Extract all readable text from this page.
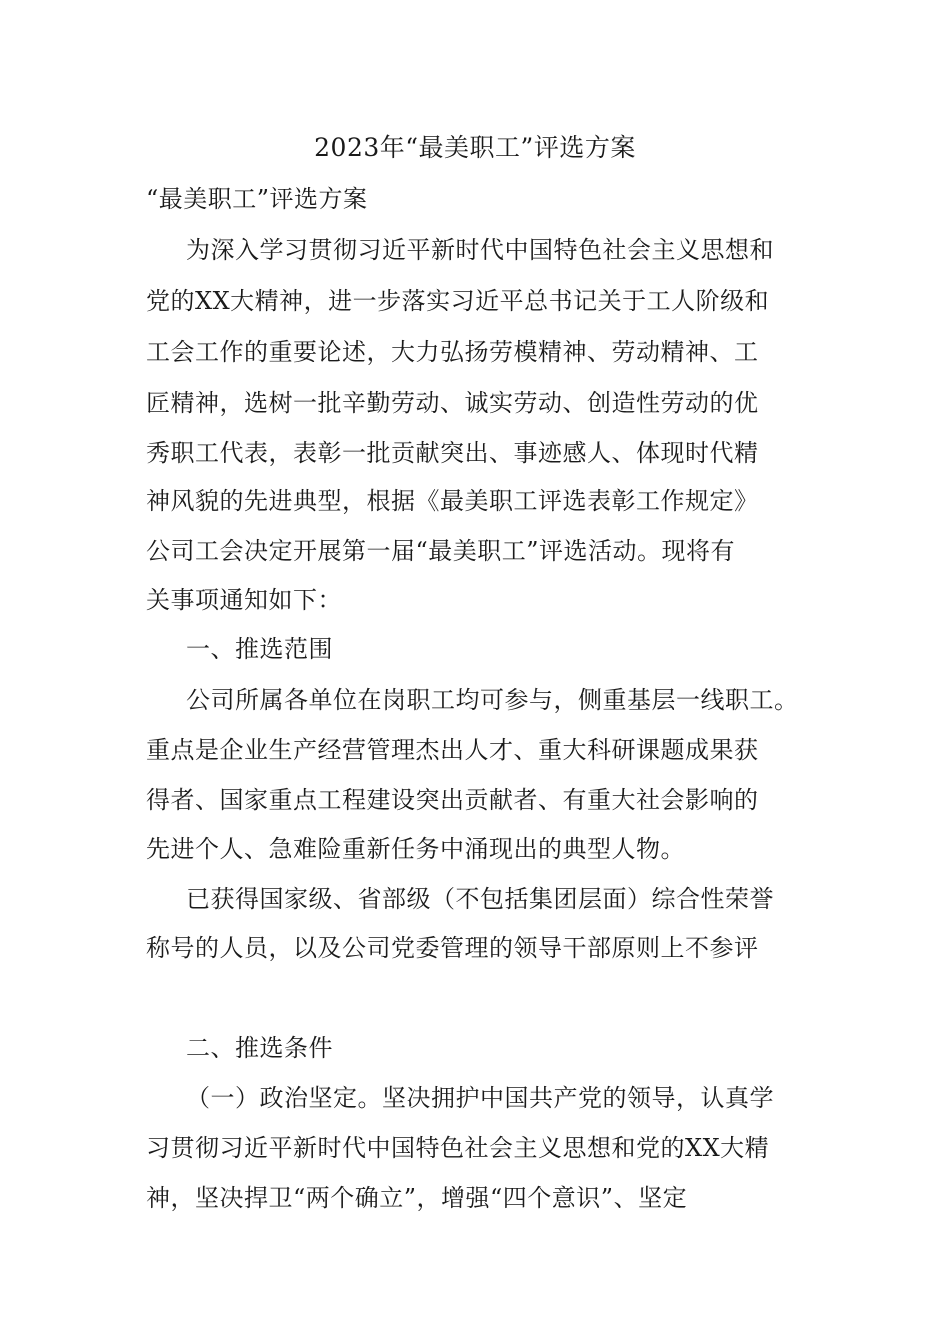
2023年“最美职工”评选方案
“最美职工”评选方案
为深入学习贯彻习近平新时代中国特色社会主义思想和
党的XX大精神，进一步落实习近平总书记关于工人阶级和
工会工作的重要论述，大力弘扬劳模精神、劳动精神、工
匠精神，选树一批辛勤劳动、诚实劳动、创造性劳动的优
秀职工代表，表彰一批贡献突出、事迹感人、体现时代精
神风貌的先进典型，根据《最美职工评选表彰工作规定》
公司工会决定开展第一届“最美职工”评选活动。现将有
关事项通知如下：
一、推选范围
公司所属各单位在岗职工均可参与，侧重基层一线职工。
重点是企业生产经营管理杰出人才、重大科研课题成果获
得者、国家重点工程建设突出贡献者、有重大社会影响的
先进个人、急难险重新任务中涌现出的典型人物。
已获得国家级、省部级（不包括集团层面）综合性荣誉
称号的人员，以及公司党委管理的领导干部原则上不参评
二、推选条件
（一）政治坚定。坚决拥护中国共产党的领导，认真学
习贯彻习近平新时代中国特色社会主义思想和党的XX大精
神，坚决捍卫“两个确立”，增强“四个意识”、坚定
